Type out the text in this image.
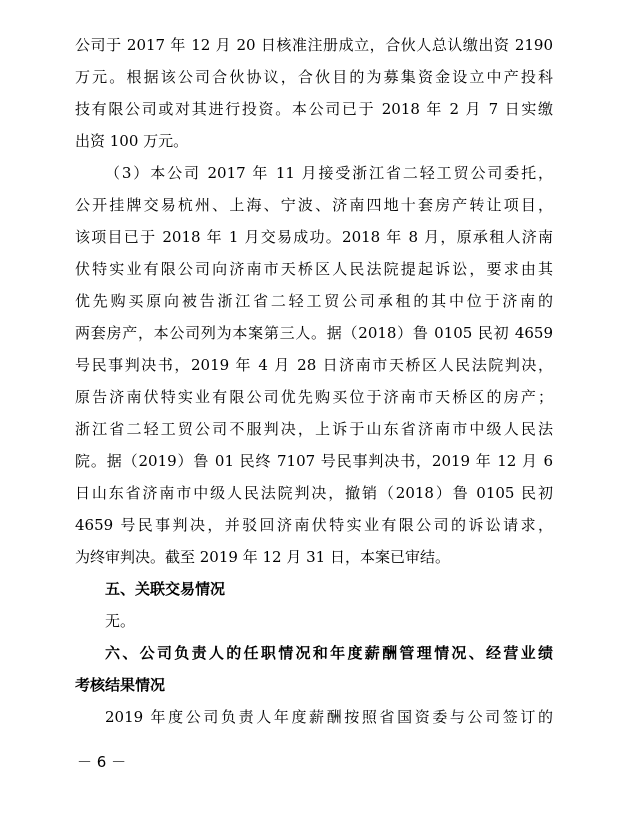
公司于 2017 年 12 月 20 日核准注册成立，合伙人总认缴出资 2190
万元。根据该公司合伙协议，合伙目的为募集资金设立中产投科
技有限公司或对其进行投资。本公司已于 2018 年 2 月 7 日实缴
出资 100 万元。
（3）本公司 2017 年 11 月接受浙江省二轻工贸公司委托，
公开挂牌交易杭州、上海、宁波、济南四地十套房产转让项目，
该项目已于 2018 年 1 月交易成功。2018 年 8 月，原承租人济南
伏特实业有限公司向济南市天桥区人民法院提起诉讼，要求由其
优先购买原向被告浙江省二轻工贸公司承租的其中位于济南的
两套房产，本公司列为本案第三人。据（2018）鲁 0105 民初 4659
号民事判决书，2019 年 4 月 28 日济南市天桥区人民法院判决，
原告济南伏特实业有限公司优先购买位于济南市天桥区的房产；
浙江省二轻工贸公司不服判决，上诉于山东省济南市中级人民法
院。据（2019）鲁 01 民终 7107 号民事判决书，2019 年 12 月 6
日山东省济南市中级人民法院判决，撤销（2018）鲁 0105 民初
4659 号民事判决，并驳回济南伏特实业有限公司的诉讼请求，
为终审判决。截至 2019 年 12 月 31 日，本案已审结。
五、关联交易情况
无。
六、公司负责人的任职情况和年度薪酬管理情况、经营业绩
考核结果情况
2019 年度公司负责人年度薪酬按照省国资委与公司签订的
－ 6 －
